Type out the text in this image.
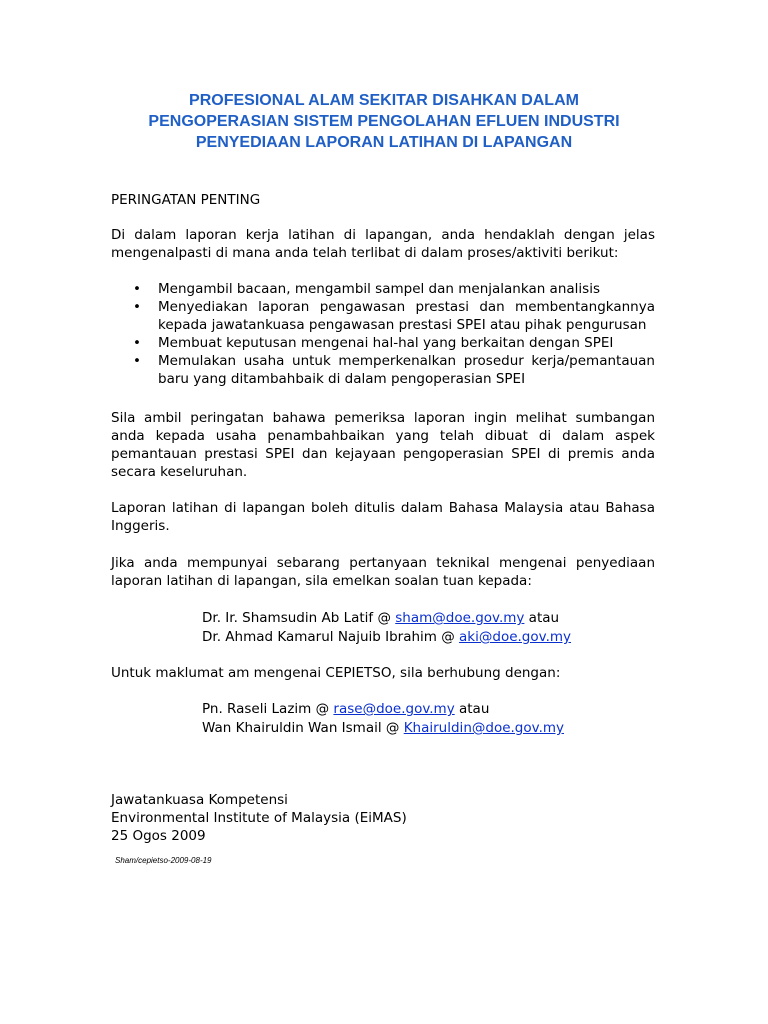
PROFESIONAL ALAM SEKITAR DISAHKAN DALAM
PENGOPERASIAN SISTEM PENGOLAHAN EFLUEN INDUSTRI
PENYEDIAAN LAPORAN LATIHAN DI LAPANGAN
PERINGATAN PENTING
Di dalam laporan kerja latihan di lapangan, anda hendaklah dengan jelas mengenalpasti di mana anda telah terlibat di dalam proses/aktiviti berikut:
• Mengambil bacaan, mengambil sampel dan menjalankan analisis
• Menyediakan laporan pengawasan prestasi dan membentangkannya kepada jawatankuasa pengawasan prestasi SPEI atau pihak pengurusan
• Membuat keputusan mengenai hal-hal yang berkaitan dengan SPEI
• Memulakan usaha untuk memperkenalkan prosedur kerja/pemantauan baru yang ditambahbaik di dalam pengoperasian SPEI
Sila ambil peringatan bahawa pemeriksa laporan ingin melihat sumbangan anda kepada usaha penambahbaikan yang telah dibuat di dalam aspek pemantauan prestasi SPEI dan kejayaan pengoperasian SPEI di premis anda secara keseluruhan.
Laporan latihan di lapangan boleh ditulis dalam Bahasa Malaysia atau Bahasa Inggeris.
Jika anda mempunyai sebarang pertanyaan teknikal mengenai penyediaan laporan latihan di lapangan, sila emelkan soalan tuan kepada:
Dr. Ir. Shamsudin Ab Latif @ sham@doe.gov.my atau
Dr. Ahmad Kamarul Najuib Ibrahim @ aki@doe.gov.my
Untuk maklumat am mengenai CEPIETSO, sila berhubung dengan:
Pn. Raseli Lazim @ rase@doe.gov.my atau
Wan Khairuldin Wan Ismail @ Khairuldin@doe.gov.my
Jawatankuasa Kompetensi
Environmental Institute of Malaysia (EiMAS)
25 Ogos 2009
Sham/cepietso-2009-08-19
